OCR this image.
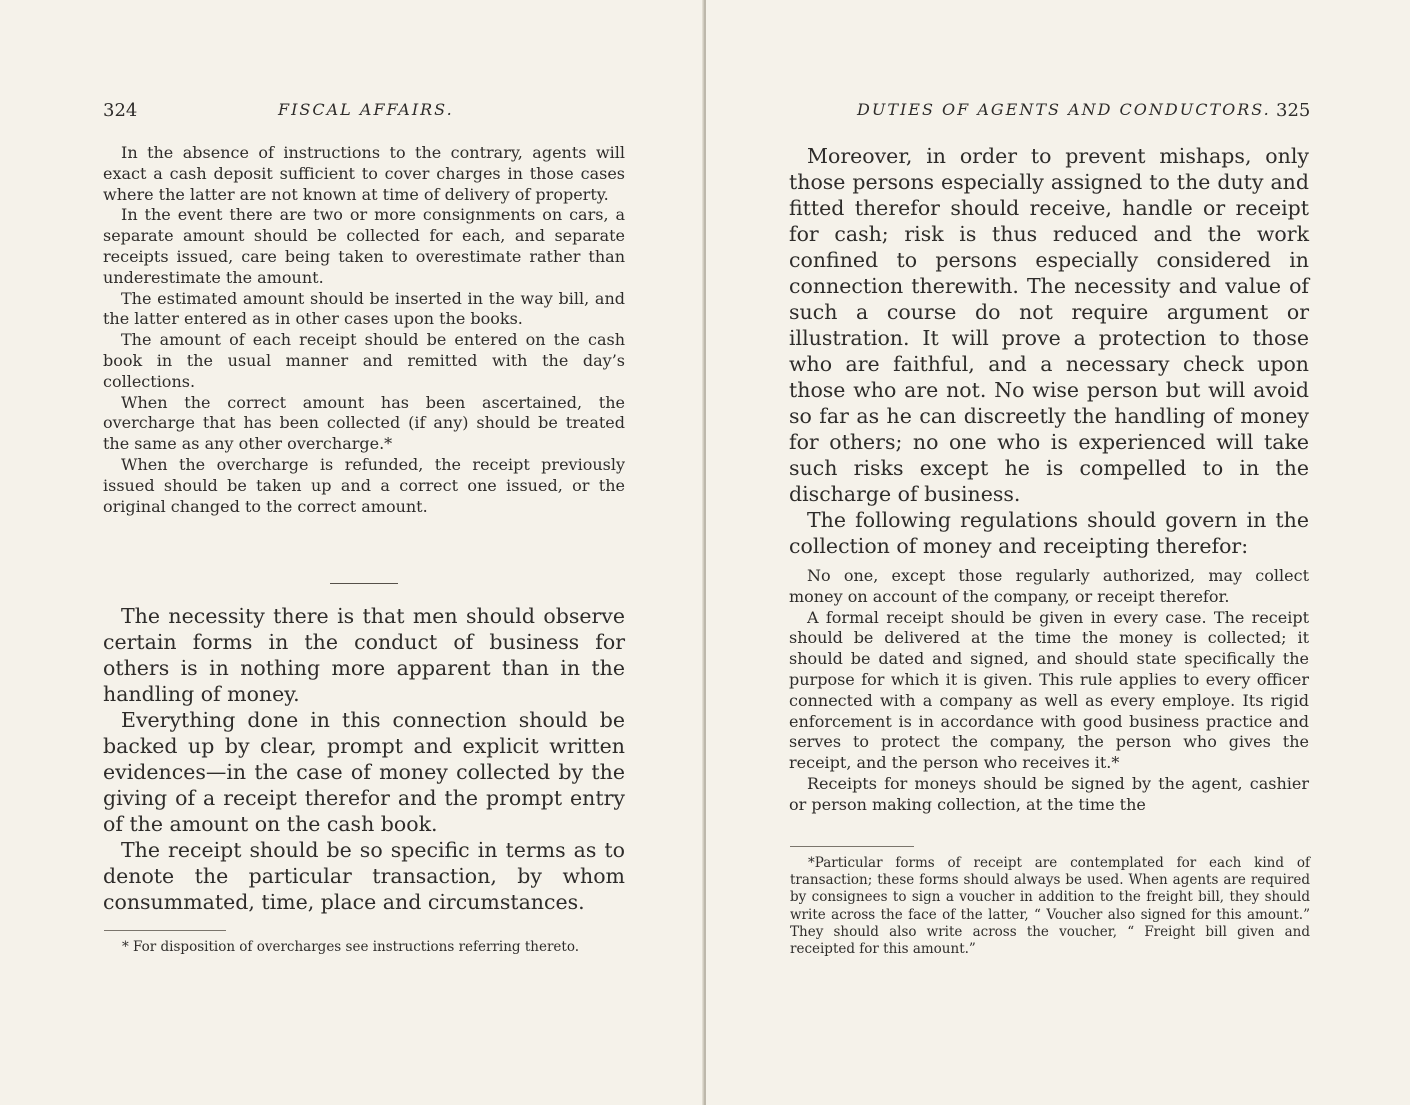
324	FISCAL AFFAIRS.

In the absence of instructions to the contrary, agents will exact a cash deposit sufficient to cover charges in those cases where the latter are not known at time of delivery of property.

In the event there are two or more consignments on cars, a separate amount should be collected for each, and separate receipts issued, care being taken to overestimate rather than underestimate the amount.

The estimated amount should be inserted in the way bill, and the latter entered as in other cases upon the books.

The amount of each receipt should be entered on the cash book in the usual manner and remitted with the day’s collections.

When the correct amount has been ascertained, the overcharge that has been collected (if any) should be treated the same as any other overcharge.*

When the overcharge is refunded, the receipt previously issued should be taken up and a correct one issued, or the original changed to the correct amount.

The necessity there is that men should observe certain forms in the conduct of business for others is in nothing more apparent than in the handling of money.

Everything done in this connection should be backed up by clear, prompt and explicit written evidences—in the case of money collected by the giving of a receipt therefor and the prompt entry of the amount on the cash book.

The receipt should be so specific in terms as to denote the particular transaction, by whom consummated, time, place and circumstances.

* For disposition of overcharges see instructions referring thereto.

DUTIES OF AGENTS AND CONDUCTORS. 325

Moreover, in order to prevent mishaps, only those persons especially assigned to the duty and fitted therefor should receive, handle or receipt for cash; risk is thus reduced and the work confined to persons especially considered in connection therewith. The necessity and value of such a course do not require argument or illustration. It will prove a protection to those who are faithful, and a necessary check upon those who are not. No wise person but will avoid so far as he can discreetly the handling of money for others; no one who is experienced will take such risks except he is compelled to in the discharge of business.

The following regulations should govern in the collection of money and receipting therefor:

No one, except those regularly authorized, may collect money on account of the company, or receipt therefor.

A formal receipt should be given in every case. The receipt should be delivered at the time the money is collected; it should be dated and signed, and should state specifically the purpose for which it is given. This rule applies to every officer connected with a company as well as every employe. Its rigid enforcement is in accordance with good business practice and serves to protect the company, the person who gives the receipt, and the person who receives it.*

Receipts for moneys should be signed by the agent, cashier or person making collection, at the time the

*Particular forms of receipt are contemplated for each kind of transaction; these forms should always be used. When agents are required by consignees to sign a voucher in addition to the freight bill, they should write across the face of the latter, “ Voucher also signed for this amount.” They should also write across the voucher, “ Freight bill given and receipted for this amount.”
